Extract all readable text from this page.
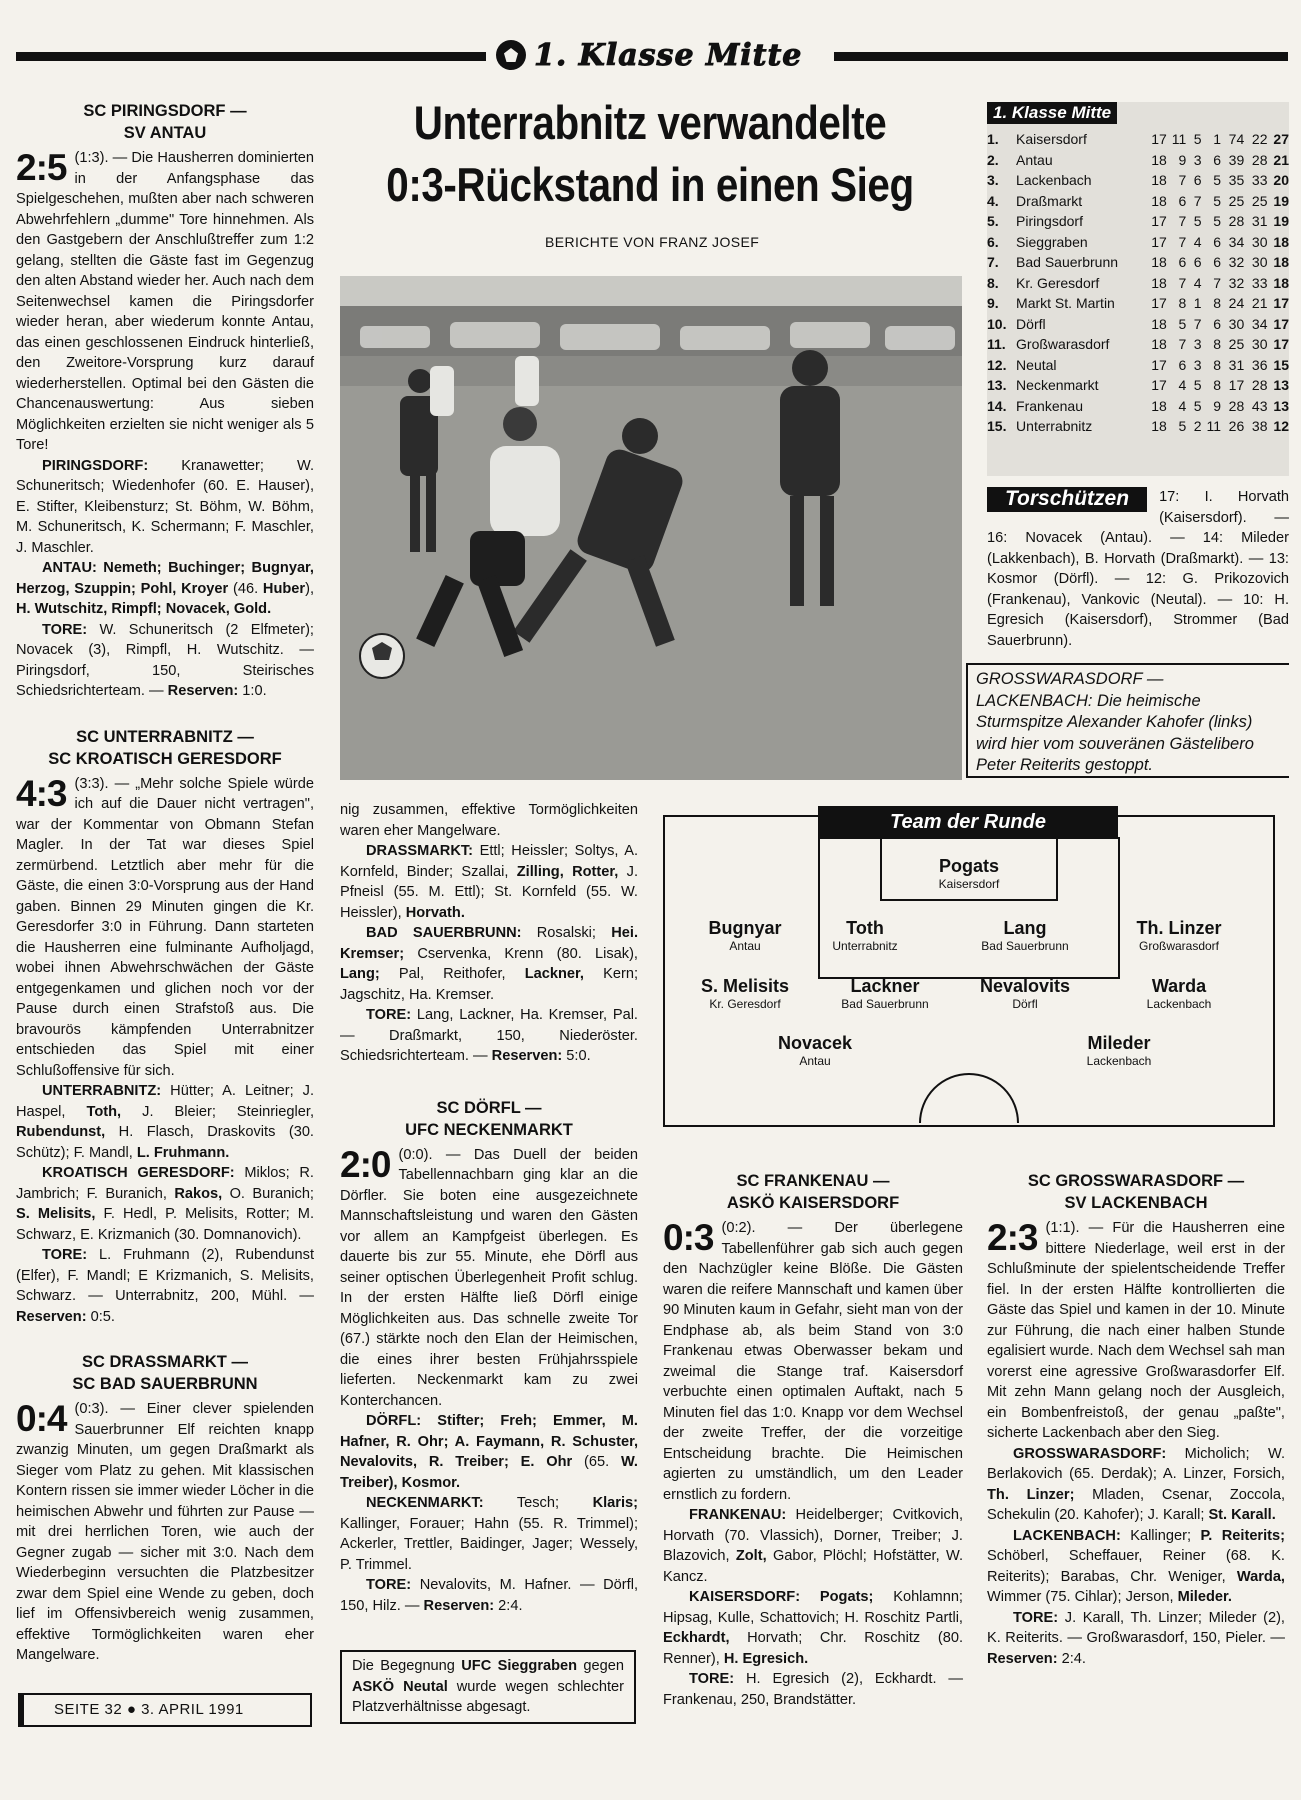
1. Klasse Mitte
SC PIRINGSDORF —
SV ANTAU

2:5 (1:3). — Die Hausherren dominierten in der Anfangsphase das Spielgeschehen, mußten aber nach schweren Abwehrfehlern „dumme" Tore hinnehmen. Als den Gastgebern der Anschlußtreffer zum 1:2 gelang, stellten die Gäste fast im Gegenzug den alten Abstand wieder her. Auch nach dem Seitenwechsel kamen die Piringsdorfer wieder heran, aber wiederum konnte Antau, das einen geschlossenen Eindruck hinterließ, den Zweitore-Vorsprung kurz darauf wiederherstellen. Optimal bei den Gästen die Chancenauswertung: Aus sieben Möglichkeiten erzielten sie nicht weniger als 5 Tore!

PIRINGSDORF: Kranawetter; W. Schuneritsch; Wiedenhofer (60. E. Hauser), E. Stifter, Kleibensturz; St. Böhm, W. Böhm, M. Schuneritsch, K. Schermann; F. Maschler, J. Maschler.

ANTAU: Nemeth; Buchinger; Bugnyar, Herzog, Szuppin; Pohl, Kroyer (46. Huber), H. Wutschitz, Rimpfl; Novacek, Gold.

TORE: W. Schuneritsch (2 Elfmeter); Novacek (3), Rimpfl, H. Wutschitz. — Piringsdorf, 150, Steirisches Schiedsrichterteam. — Reserven: 1:0.

SC UNTERRABNITZ —
SC KROATISCH GERESDORF

4:3 (3:3). — „Mehr solche Spiele würde ich auf die Dauer nicht vertragen", war der Kommentar von Obmann Stefan Magler. In der Tat war dieses Spiel zermürbend. Letztlich aber mehr für die Gäste, die einen 3:0-Vorsprung aus der Hand gaben. Binnen 29 Minuten gingen die Kr. Geresdorfer 3:0 in Führung. Dann starteten die Hausherren eine fulminante Aufholjagd, wobei ihnen Abwehrschwächen der Gäste entgegenkamen und glichen noch vor der Pause durch einen Strafstoß aus. Die bravourös kämpfenden Unterrabnitzer entschieden das Spiel mit einer Schlußoffensive für sich.

UNTERRABNITZ: Hütter; A. Leitner; J. Haspel, Toth, J. Bleier; Steinriegler, Rubendunst, H. Flasch, Draskovits (30. Schütz); F. Mandl, L. Fruhmann.

KROATISCH GERESDORF: Miklos; R. Jambrich; F. Buranich, Rakos, O. Buranich; S. Melisits, F. Hedl, P. Melisits, Rotter; M. Schwarz, E. Krizmanich (30. Domnanovich).

TORE: L. Fruhmann (2), Rubendunst (Elfer), F. Mandl; E Krizmanich, S. Melisits, Schwarz. — Unterrabnitz, 200, Mühl. — Reserven: 0:5.

SC DRASSMARKT —
SC BAD SAUERBRUNN

0:4 (0:3). — Einer clever spielenden Sauerbrunner Elf reichten knapp zwanzig Minuten, um gegen Draßmarkt als Sieger vom Platz zu gehen. Mit klassischen Kontern rissen sie immer wieder Löcher in die heimischen Abwehr und führten zur Pause — mit drei herrlichen Toren, wie auch der Gegner zugab — sicher mit 3:0. Nach dem Wiederbeginn versuchten die Platzbesitzer zwar dem Spiel eine Wende zu geben, doch lief im Offensivbereich wenig zusammen, effektive Tormöglichkeiten waren eher Mangelware.

Unterrabnitz verwandelte
0:3-Rückstand in einen Sieg
BERICHTE VON FRANZ JOSEF
1. Klasse Mitte
1.	Kaisersdorf	17	11	5	1	74	22	27
2.	Antau	18	9	3	6	39	28	21
3.	Lackenbach	18	7	6	5	35	33	20
4.	Draßmarkt	18	6	7	5	25	25	19
5.	Piringsdorf	17	7	5	5	28	31	19
6.	Sieggraben	17	7	4	6	34	30	18
7.	Bad Sauerbrunn	18	6	6	6	32	30	18
8.	Kr. Geresdorf	18	7	4	7	32	33	18
9.	Markt St. Martin	17	8	1	8	24	21	17
10.	Dörfl	18	5	7	6	30	34	17
11.	Großwarasdorf	18	7	3	8	25	30	17
12.	Neutal	17	6	3	8	31	36	15
13.	Neckenmarkt	17	4	5	8	17	28	13
14.	Frankenau	18	4	5	9	28	43	13
15.	Unterrabnitz	18	5	2	11	26	38	12
Torschützen	17: I. Horvath (Kaisersdorf). — 16: Novacek (Antau). — 14: Mileder (Lakkenbach), B. Horvath (Draßmarkt). — 13: Kosmor (Dörfl). — 12: G. Prikozovich (Frankenau), Vankovic (Neutal). — 10: H. Egresich (Kaisersdorf), Strommer (Bad Sauerbrunn).
GROSSWARASDORF — LACKENBACH: Die heimische Sturmspitze Alexander Kahofer (links) wird hier vom souveränen Gästelibero Peter Reiterits gestoppt.

nig zusammen, effektive Tormöglichkeiten waren eher Mangelware.

DRASSMARKT: Ettl; Heissler; Soltys, A. Kornfeld, Binder; Szallai, Zilling, Rotter, J. Pfneisl (55. M. Ettl); St. Kornfeld (55. W. Heissler), Horvath.

BAD SAUERBRUNN: Rosalski; Hei. Kremser; Cservenka, Krenn (80. Lisak), Lang; Pal, Reithofer, Lackner, Kern; Jagschitz, Ha. Kremser.

TORE: Lang, Lackner, Ha. Kremser, Pal. — Draßmarkt, 150, Niederöster. Schiedsrichterteam. — Reserven: 5:0.

SC DÖRFL —
UFC NECKENMARKT

2:0 (0:0). — Das Duell der beiden Tabellennachbarn ging klar an die Dörfler. Sie boten eine ausgezeichnete Mannschaftsleistung und waren den Gästen vor allem an Kampfgeist überlegen. Es dauerte bis zur 55. Minute, ehe Dörfl aus seiner optischen Überlegenheit Profit schlug. In der ersten Hälfte ließ Dörfl einige Möglichkeiten aus. Das schnelle zweite Tor (67.) stärkte noch den Elan der Heimischen, die eines ihrer besten Frühjahrsspiele lieferten. Neckenmarkt kam zu zwei Konterchancen.

DÖRFL: Stifter; Freh; Emmer, M. Hafner, R. Ohr; A. Faymann, R. Schuster, Nevalovits, R. Treiber; E. Ohr (65. W. Treiber), Kosmor.

NECKENMARKT: Tesch; Klaris; Kallinger, Forauer; Hahn (55. R. Trimmel); Ackerler, Trettler, Baidinger, Jager; Wessely, P. Trimmel.

TORE: Nevalovits, M. Hafner. — Dörfl, 150, Hilz. — Reserven: 2:4.

Die Begegnung UFC Sieggraben gegen ASKÖ Neutal wurde wegen schlechter Platzverhältnisse abgesagt.
Team der Runde
Pogats
Kaisersdorf
Bugnyar
Antau
Toth
Unterrabnitz
Lang
Bad Sauerbrunn
Th. Linzer
Großwarasdorf
S. Melisits
Kr. Geresdorf
Lackner
Bad Sauerbrunn
Nevalovits
Dörfl
Warda
Lackenbach
Novacek
Antau
Mileder
Lackenbach
SC FRANKENAU —
ASKÖ KAISERSDORF

0:3 (0:2). — Der überlegene Tabellenführer gab sich auch gegen den Nachzügler keine Blöße. Die Gästen waren die reifere Mannschaft und kamen über 90 Minuten kaum in Gefahr, sieht man von der Endphase ab, als beim Stand von 3:0 Frankenau etwas Oberwasser bekam und zweimal die Stange traf. Kaisersdorf verbuchte einen optimalen Auftakt, nach 5 Minuten fiel das 1:0. Knapp vor dem Wechsel der zweite Treffer, der die vorzeitige Entscheidung brachte. Die Heimischen agierten zu umständlich, um den Leader ernstlich zu fordern.

FRANKENAU: Heidelberger; Cvitkovich, Horvath (70. Vlassich), Dorner, Treiber; J. Blazovich, Zolt, Gabor, Plöchl; Hofstätter, W. Kancz.

KAISERSDORF: Pogats; Kohlamnn; Hipsag, Kulle, Schattovich; H. Roschitz Partli, Eckhardt, Horvath; Chr. Roschitz (80. Renner), H. Egresich.

TORE: H. Egresich (2), Eckhardt. — Frankenau, 250, Brandstätter.

SC GROSSWARASDORF —
SV LACKENBACH

2:3 (1:1). — Für die Hausherren eine bittere Niederlage, weil erst in der Schlußminute der spielentscheidende Treffer fiel. In der ersten Hälfte kontrollierten die Gäste das Spiel und kamen in der 10. Minute zur Führung, die nach einer halben Stunde egalisiert wurde. Nach dem Wechsel sah man vorerst eine agressive Großwarasdorfer Elf. Mit zehn Mann gelang noch der Ausgleich, ein Bombenfreistoß, der genau „paßte", sicherte Lackenbach aber den Sieg.

GROSSWARASDORF: Micholich; W. Berlakovich (65. Derdak); A. Linzer, Forsich, Th. Linzer; Mladen, Csenar, Zoccola, Schekulin (20. Kahofer); J. Karall; St. Karall.

LACKENBACH: Kallinger; P. Reiterits; Schöberl, Scheffauer, Reiner (68. K. Reiterits); Barabas, Chr. Weniger, Warda, Wimmer (75. Cihlar); Jerson, Mileder.

TORE: J. Karall, Th. Linzer; Mileder (2), K. Reiterits. — Großwarasdorf, 150, Pieler. — Reserven: 2:4.

SEITE 32 ● 3. APRIL 1991
